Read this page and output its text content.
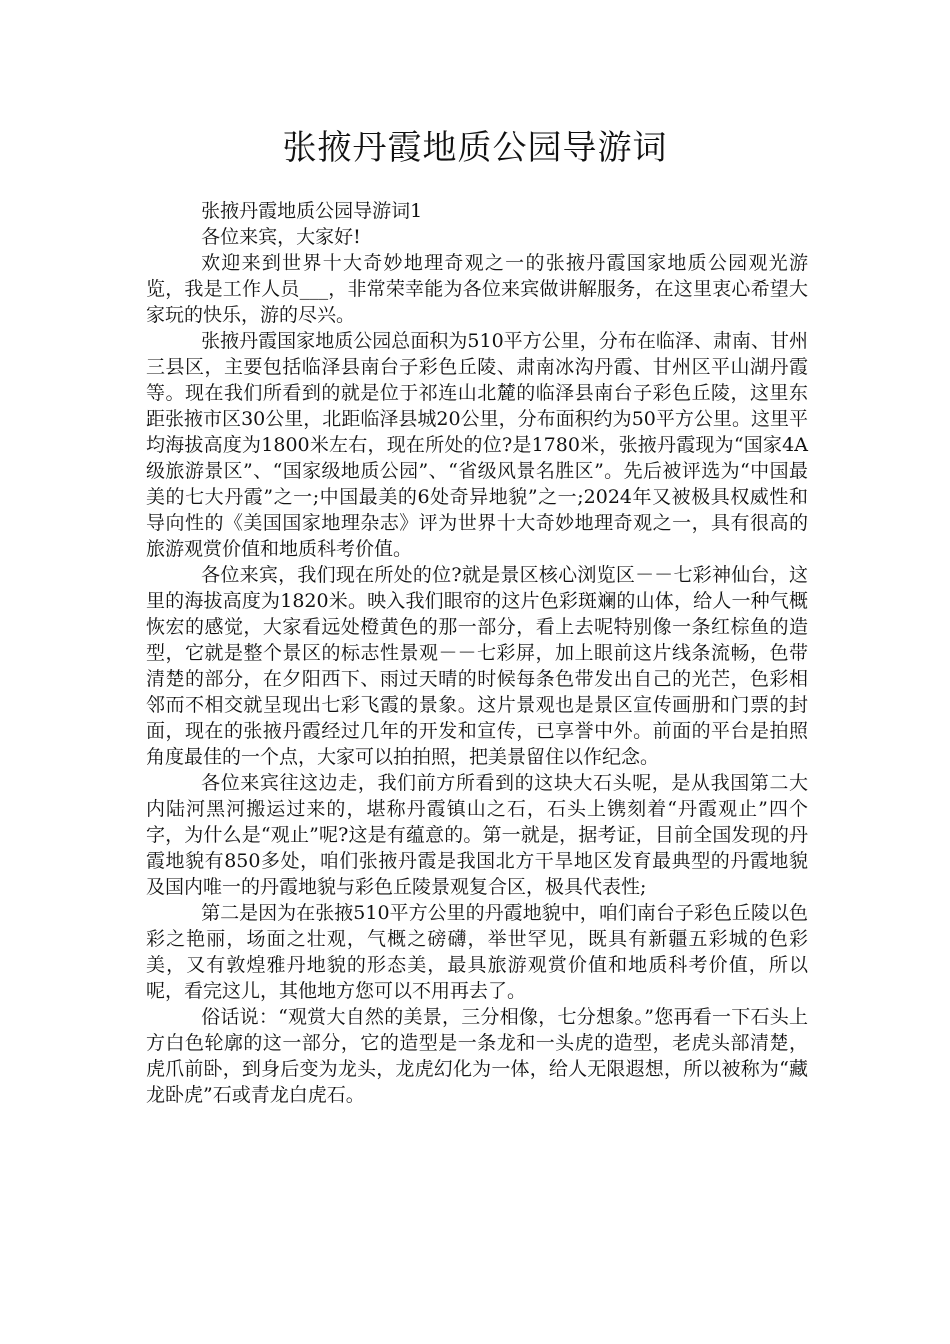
张掖丹霞地质公园导游词

张掖丹霞地质公园导游词1

各位来宾，大家好!

欢迎来到世界十大奇妙地理奇观之一的张掖丹霞国家地质公园观光游览，我是工作人员___，非常荣幸能为各位来宾做讲解服务，在这里衷心希望大家玩的快乐，游的尽兴。

张掖丹霞国家地质公园总面积为510平方公里，分布在临泽、肃南、甘州三县区，主要包括临泽县南台子彩色丘陵、肃南冰沟丹霞、甘州区平山湖丹霞等。现在我们所看到的就是位于祁连山北麓的临泽县南台子彩色丘陵，这里东距张掖市区30公里，北距临泽县城20公里，分布面积约为50平方公里。这里平均海拔高度为1800米左右，现在所处的位?是1780米，张掖丹霞现为“国家4A级旅游景区”、“国家级地质公园”、“省级风景名胜区”。先后被评选为“中国最美的七大丹霞”之一;中国最美的6处奇异地貌”之一;2024年又被极具权威性和导向性的《美国国家地理杂志》评为世界十大奇妙地理奇观之一，具有很高的旅游观赏价值和地质科考价值。

各位来宾，我们现在所处的位?就是景区核心浏览区－－七彩神仙台，这里的海拔高度为1820米。映入我们眼帘的这片色彩斑斓的山体，给人一种气概恢宏的感觉，大家看远处橙黄色的那一部分，看上去呢特别像一条红棕鱼的造型，它就是整个景区的标志性景观－－七彩屏，加上眼前这片线条流畅，色带清楚的部分，在夕阳西下、雨过天晴的时候每条色带发出自己的光芒，色彩相邻而不相交就呈现出七彩飞霞的景象。这片景观也是景区宣传画册和门票的封面，现在的张掖丹霞经过几年的开发和宣传，已享誉中外。前面的平台是拍照角度最佳的一个点，大家可以拍拍照，把美景留住以作纪念。

各位来宾往这边走，我们前方所看到的这块大石头呢，是从我国第二大内陆河黑河搬运过来的，堪称丹霞镇山之石，石头上镌刻着“丹霞观止”四个字，为什么是“观止”呢?这是有蕴意的。第一就是，据考证，目前全国发现的丹霞地貌有850多处，咱们张掖丹霞是我国北方干旱地区发育最典型的丹霞地貌及国内唯一的丹霞地貌与彩色丘陵景观复合区，极具代表性;

第二是因为在张掖510平方公里的丹霞地貌中，咱们南台子彩色丘陵以色彩之艳丽，场面之壮观，气概之磅礴，举世罕见，既具有新疆五彩城的色彩美，又有敦煌雅丹地貌的形态美，最具旅游观赏价值和地质科考价值，所以呢，看完这儿，其他地方您可以不用再去了。

俗话说：“观赏大自然的美景，三分相像，七分想象。”您再看一下石头上方白色轮廓的这一部分，它的造型是一条龙和一头虎的造型，老虎头部清楚，虎爪前卧，到身后变为龙头，龙虎幻化为一体，给人无限遐想，所以被称为“藏龙卧虎”石或青龙白虎石。
